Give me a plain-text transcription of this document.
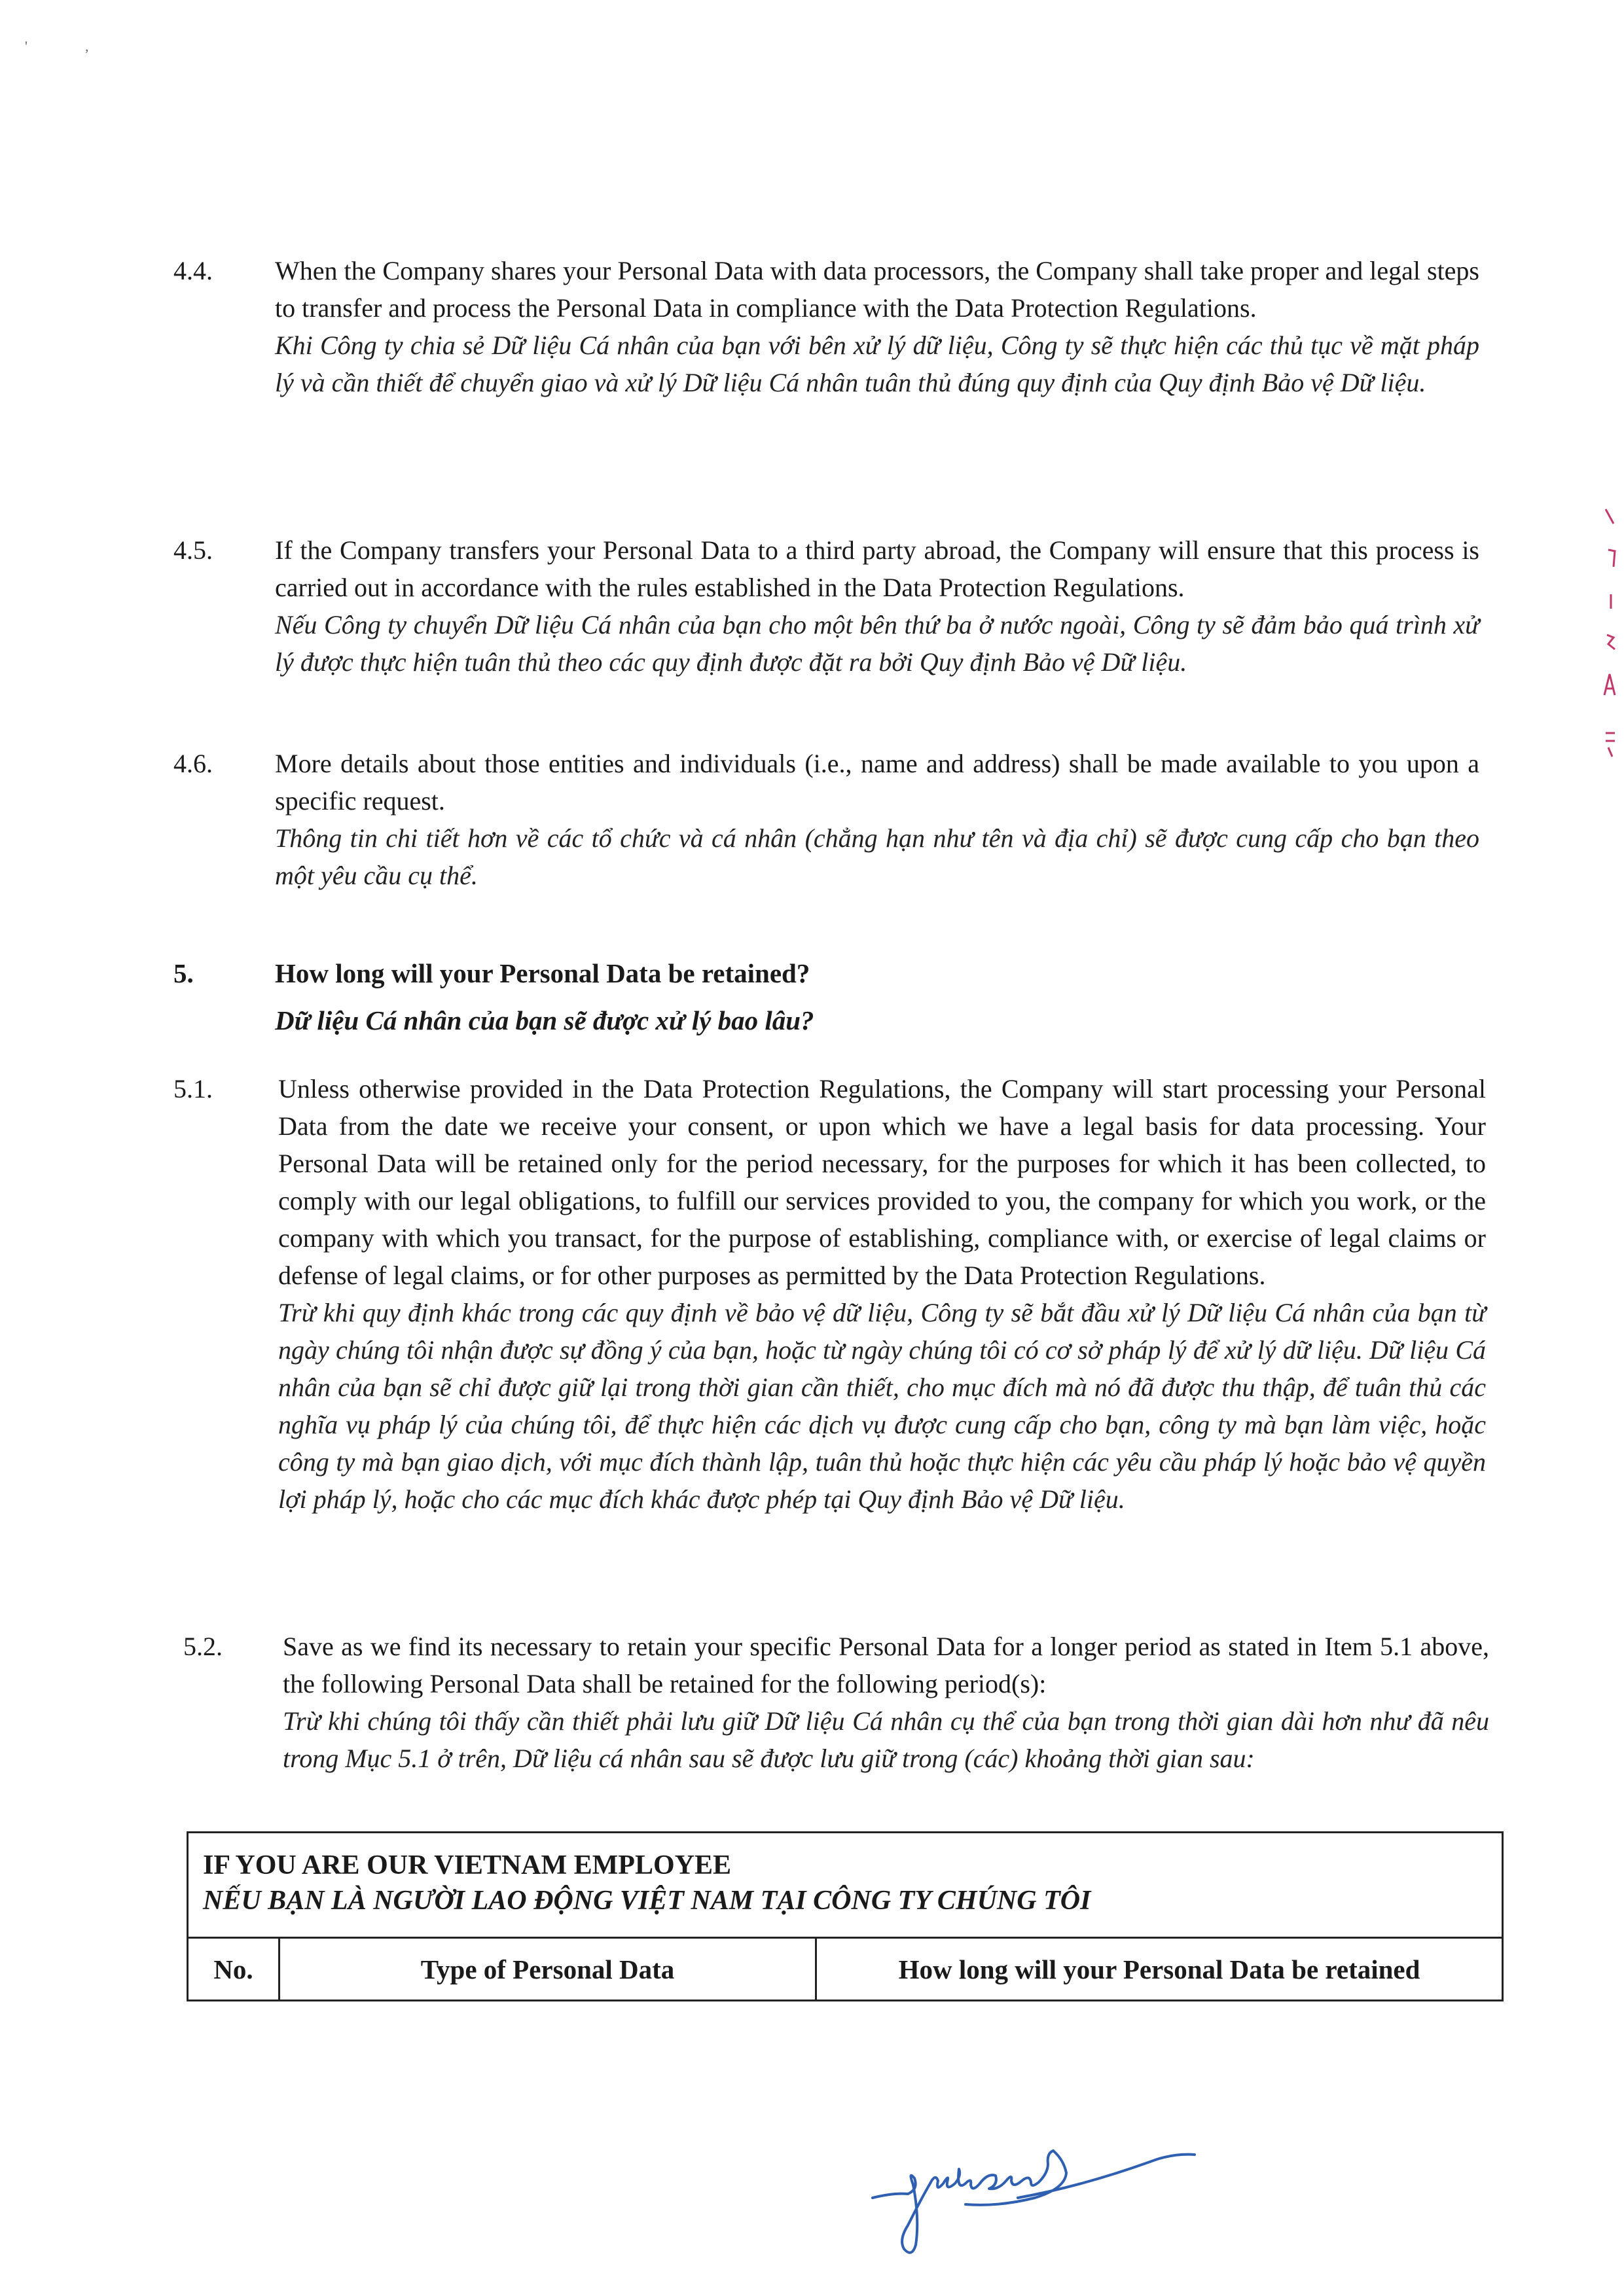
'	,
4.4. When the Company shares your Personal Data with data processors, the Company shall take proper and legal steps to transfer and process the Personal Data in compliance with the Data Protection Regulations.
Khi Công ty chia sẻ Dữ liệu Cá nhân của bạn với bên xử lý dữ liệu, Công ty sẽ thực hiện các thủ tục về mặt pháp lý và cần thiết để chuyển giao và xử lý Dữ liệu Cá nhân tuân thủ đúng quy định của Quy định Bảo vệ Dữ liệu.
4.5. If the Company transfers your Personal Data to a third party abroad, the Company will ensure that this process is carried out in accordance with the rules established in the Data Protection Regulations.
Nếu Công ty chuyển Dữ liệu Cá nhân của bạn cho một bên thứ ba ở nước ngoài, Công ty sẽ đảm bảo quá trình xử lý được thực hiện tuân thủ theo các quy định được đặt ra bởi Quy định Bảo vệ Dữ liệu.
4.6. More details about those entities and individuals (i.e., name and address) shall be made available to you upon a specific request.
Thông tin chi tiết hơn về các tổ chức và cá nhân (chẳng hạn như tên và địa chỉ) sẽ được cung cấp cho bạn theo một yêu cầu cụ thể.
5.	How long will your Personal Data be retained?
Dữ liệu Cá nhân của bạn sẽ được xử lý bao lâu?
5.1.	Unless otherwise provided in the Data Protection Regulations, the Company will start processing your Personal Data from the date we receive your consent, or upon which we have a legal basis for data processing. Your Personal Data will be retained only for the period necessary, for the purposes for which it has been collected, to comply with our legal obligations, to fulfill our services provided to you, the company for which you work, or the company with which you transact, for the purpose of establishing, compliance with, or exercise of legal claims or defense of legal claims, or for other purposes as permitted by the Data Protection Regulations.
Trừ khi quy định khác trong các quy định về bảo vệ dữ liệu, Công ty sẽ bắt đầu xử lý Dữ liệu Cá nhân của bạn từ ngày chúng tôi nhận được sự đồng ý của bạn, hoặc từ ngày chúng tôi có cơ sở pháp lý để xử lý dữ liệu. Dữ liệu Cá nhân của bạn sẽ chỉ được giữ lại trong thời gian cần thiết, cho mục đích mà nó đã được thu thập, để tuân thủ các nghĩa vụ pháp lý của chúng tôi, để thực hiện các dịch vụ được cung cấp cho bạn, công ty mà bạn làm việc, hoặc công ty mà bạn giao dịch, với mục đích thành lập, tuân thủ hoặc thực hiện các yêu cầu pháp lý hoặc bảo vệ quyền lợi pháp lý, hoặc cho các mục đích khác được phép tại Quy định Bảo vệ Dữ liệu.
5.2. Save as we find its necessary to retain your specific Personal Data for a longer period as stated in Item 5.1 above, the following Personal Data shall be retained for the following period(s):
Trừ khi chúng tôi thấy cần thiết phải lưu giữ Dữ liệu Cá nhân cụ thể của bạn trong thời gian dài hơn như đã nêu trong Mục 5.1 ở trên, Dữ liệu cá nhân sau sẽ được lưu giữ trong (các) khoảng thời gian sau:
IF YOU ARE OUR VIETNAM EMPLOYEE
NẾU BẠN LÀ NGƯỜI LAO ĐỘNG VIỆT NAM TẠI CÔNG TY CHÚNG TÔI
No.	Type of Personal Data	How long will your Personal Data be retained
